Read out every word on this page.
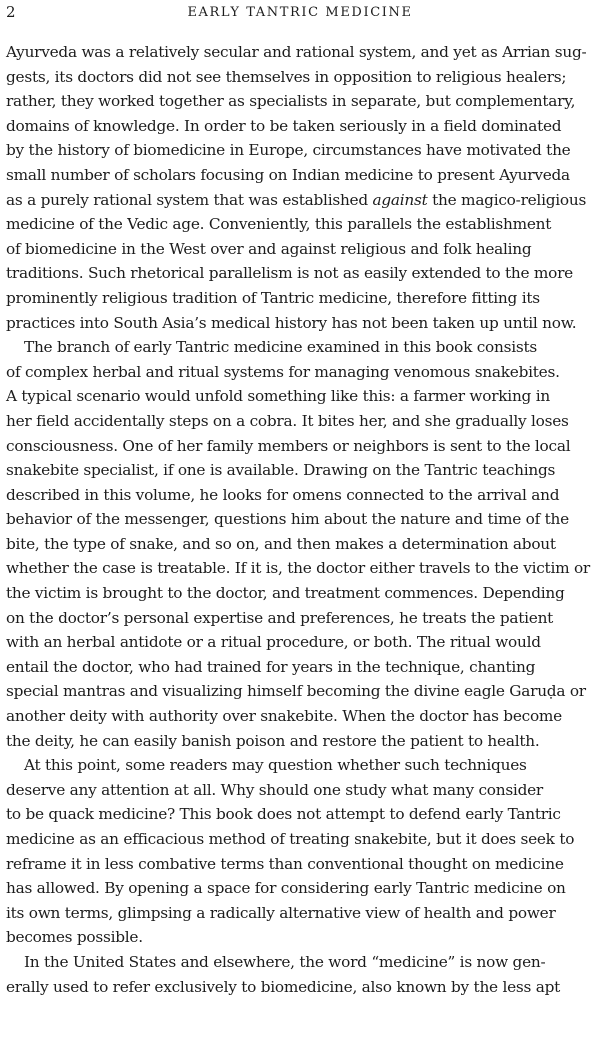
2	EARLY TANTRIC MEDICINE
Ayurveda was a relatively secular and rational system, and yet as Arrian sug-
gests, its doctors did not see themselves in opposition to religious healers;
rather, they worked together as specialists in separate, but complementary,
domains of knowledge. In order to be taken seriously in a field dominated
by the history of biomedicine in Europe, circumstances have motivated the
small number of scholars focusing on Indian medicine to present Ayurveda
as a purely rational system that was established against the magico-religious
medicine of the Vedic age. Conveniently, this parallels the establishment
of biomedicine in the West over and against religious and folk healing
traditions. Such rhetorical parallelism is not as easily extended to the more
prominently religious tradition of Tantric medicine, therefore fitting its
practices into South Asia’s medical history has not been taken up until now.
The branch of early Tantric medicine examined in this book consists
of complex herbal and ritual systems for managing venomous snakebites.
A typical scenario would unfold something like this: a farmer working in
her field accidentally steps on a cobra. It bites her, and she gradually loses
consciousness. One of her family members or neighbors is sent to the local
snakebite specialist, if one is available. Drawing on the Tantric teachings
described in this volume, he looks for omens connected to the arrival and
behavior of the messenger, questions him about the nature and time of the
bite, the type of snake, and so on, and then makes a determination about
whether the case is treatable. If it is, the doctor either travels to the victim or
the victim is brought to the doctor, and treatment commences. Depending
on the doctor’s personal expertise and preferences, he treats the patient
with an herbal antidote or a ritual procedure, or both. The ritual would
entail the doctor, who had trained for years in the technique, chanting
special mantras and visualizing himself becoming the divine eagle Garuḍa or
another deity with authority over snakebite. When the doctor has become
the deity, he can easily banish poison and restore the patient to health.
At this point, some readers may question whether such techniques
deserve any attention at all. Why should one study what many consider
to be quack medicine? This book does not attempt to defend early Tantric
medicine as an efficacious method of treating snakebite, but it does seek to
reframe it in less combative terms than conventional thought on medicine
has allowed. By opening a space for considering early Tantric medicine on
its own terms, glimpsing a radically alternative view of health and power
becomes possible.
In the United States and elsewhere, the word “medicine” is now gen-
erally used to refer exclusively to biomedicine, also known by the less apt
